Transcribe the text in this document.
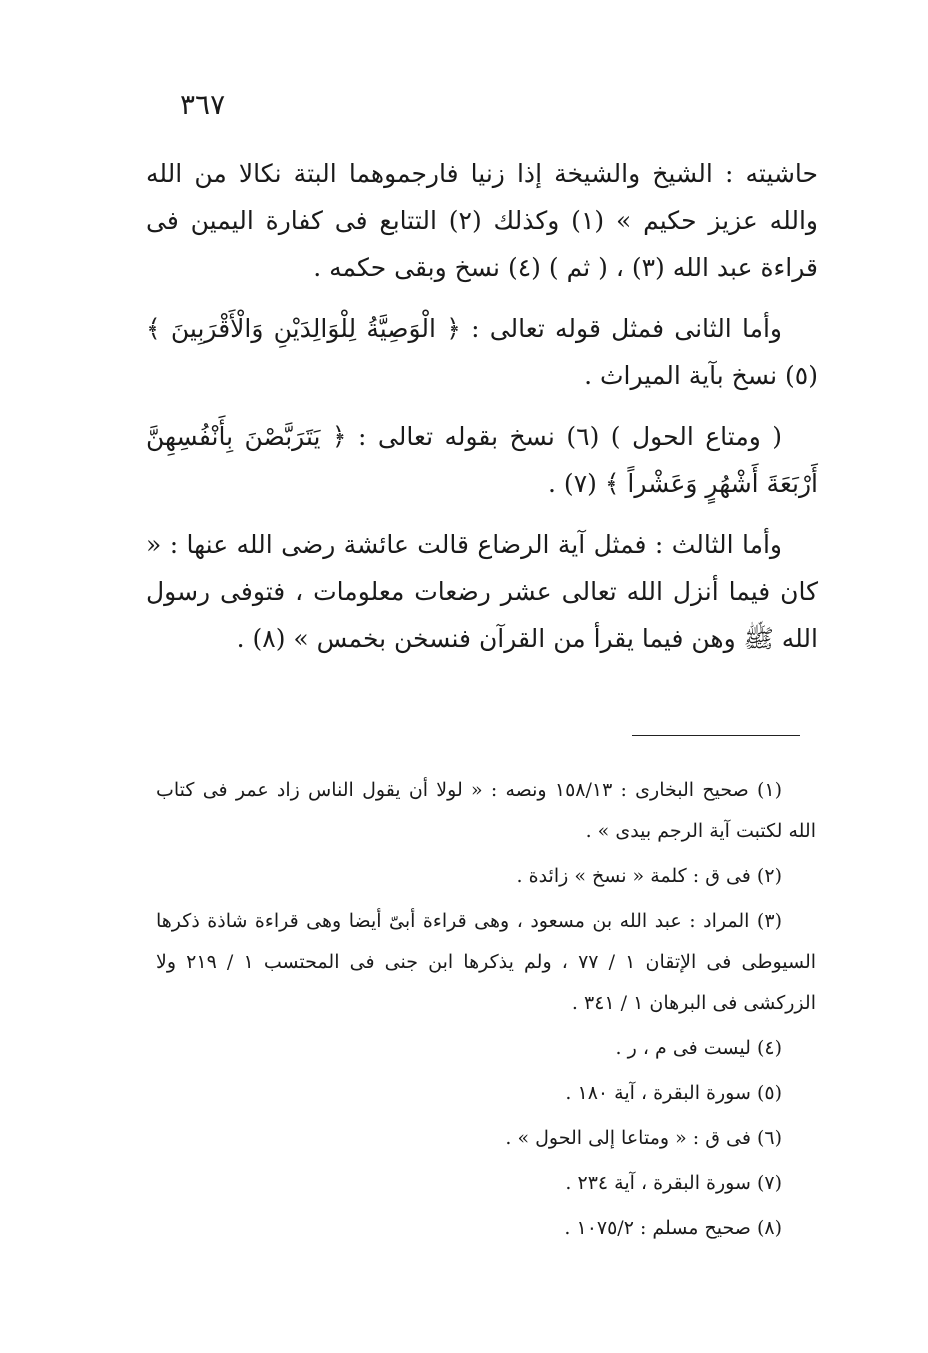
٣٦٧

حاشيته : الشيخ والشيخة إذا زنيا فارجموهما البتة نكالا من الله والله عزيز حكيم » (١) وكذلك (٢) التتابع فى كفارة اليمين فى قراءة عبد الله (٣) ، ( ثم ) (٤) نسخ وبقى حكمه .

وأما الثانى فمثل قوله تعالى : ﴿ الْوَصِيَّةُ لِلْوَالِدَيْنِ وَالْأَقْرَبِينَ ﴾ (٥) نسخ بآية الميراث .

( ومتاع الحول ) (٦) نسخ بقوله تعالى : ﴿ يَتَرَبَّصْنَ بِأَنْفُسِهِنَّ أَرْبَعَةَ أَشْهُرٍ وَعَشْراً ﴾ (٧) .

وأما الثالث : فمثل آية الرضاع قالت عائشة رضى الله عنها : « كان فيما أنزل الله تعالى عشر رضعات معلومات ، فتوفى رسول الله ﷺ وهن فيما يقرأ من القرآن فنسخن بخمس » (٨) .

(١) صحيح البخارى : ١٥٨/١٣ ونصه : « لولا أن يقول الناس زاد عمر فى كتاب الله لكتبت آية الرجم بيدى » .

(٢) فى ق : كلمة « نسخ » زائدة .

(٣) المراد : عبد الله بن مسعود ، وهى قراءة أبىّ أيضا وهى قراءة شاذة ذكرها السيوطى فى الإتقان ١ / ٧٧ ، ولم يذكرها ابن جنى فى المحتسب ١ / ٢١٩ ولا الزركشى فى البرهان ١ / ٣٤١ .

(٤) ليست فى م ، ر .

(٥) سورة البقرة ، آية ١٨٠ .

(٦) فى ق : « ومتاعا إلى الحول » .

(٧) سورة البقرة ، آية ٢٣٤ .

(٨) صحيح مسلم : ١٠٧٥/٢ .
